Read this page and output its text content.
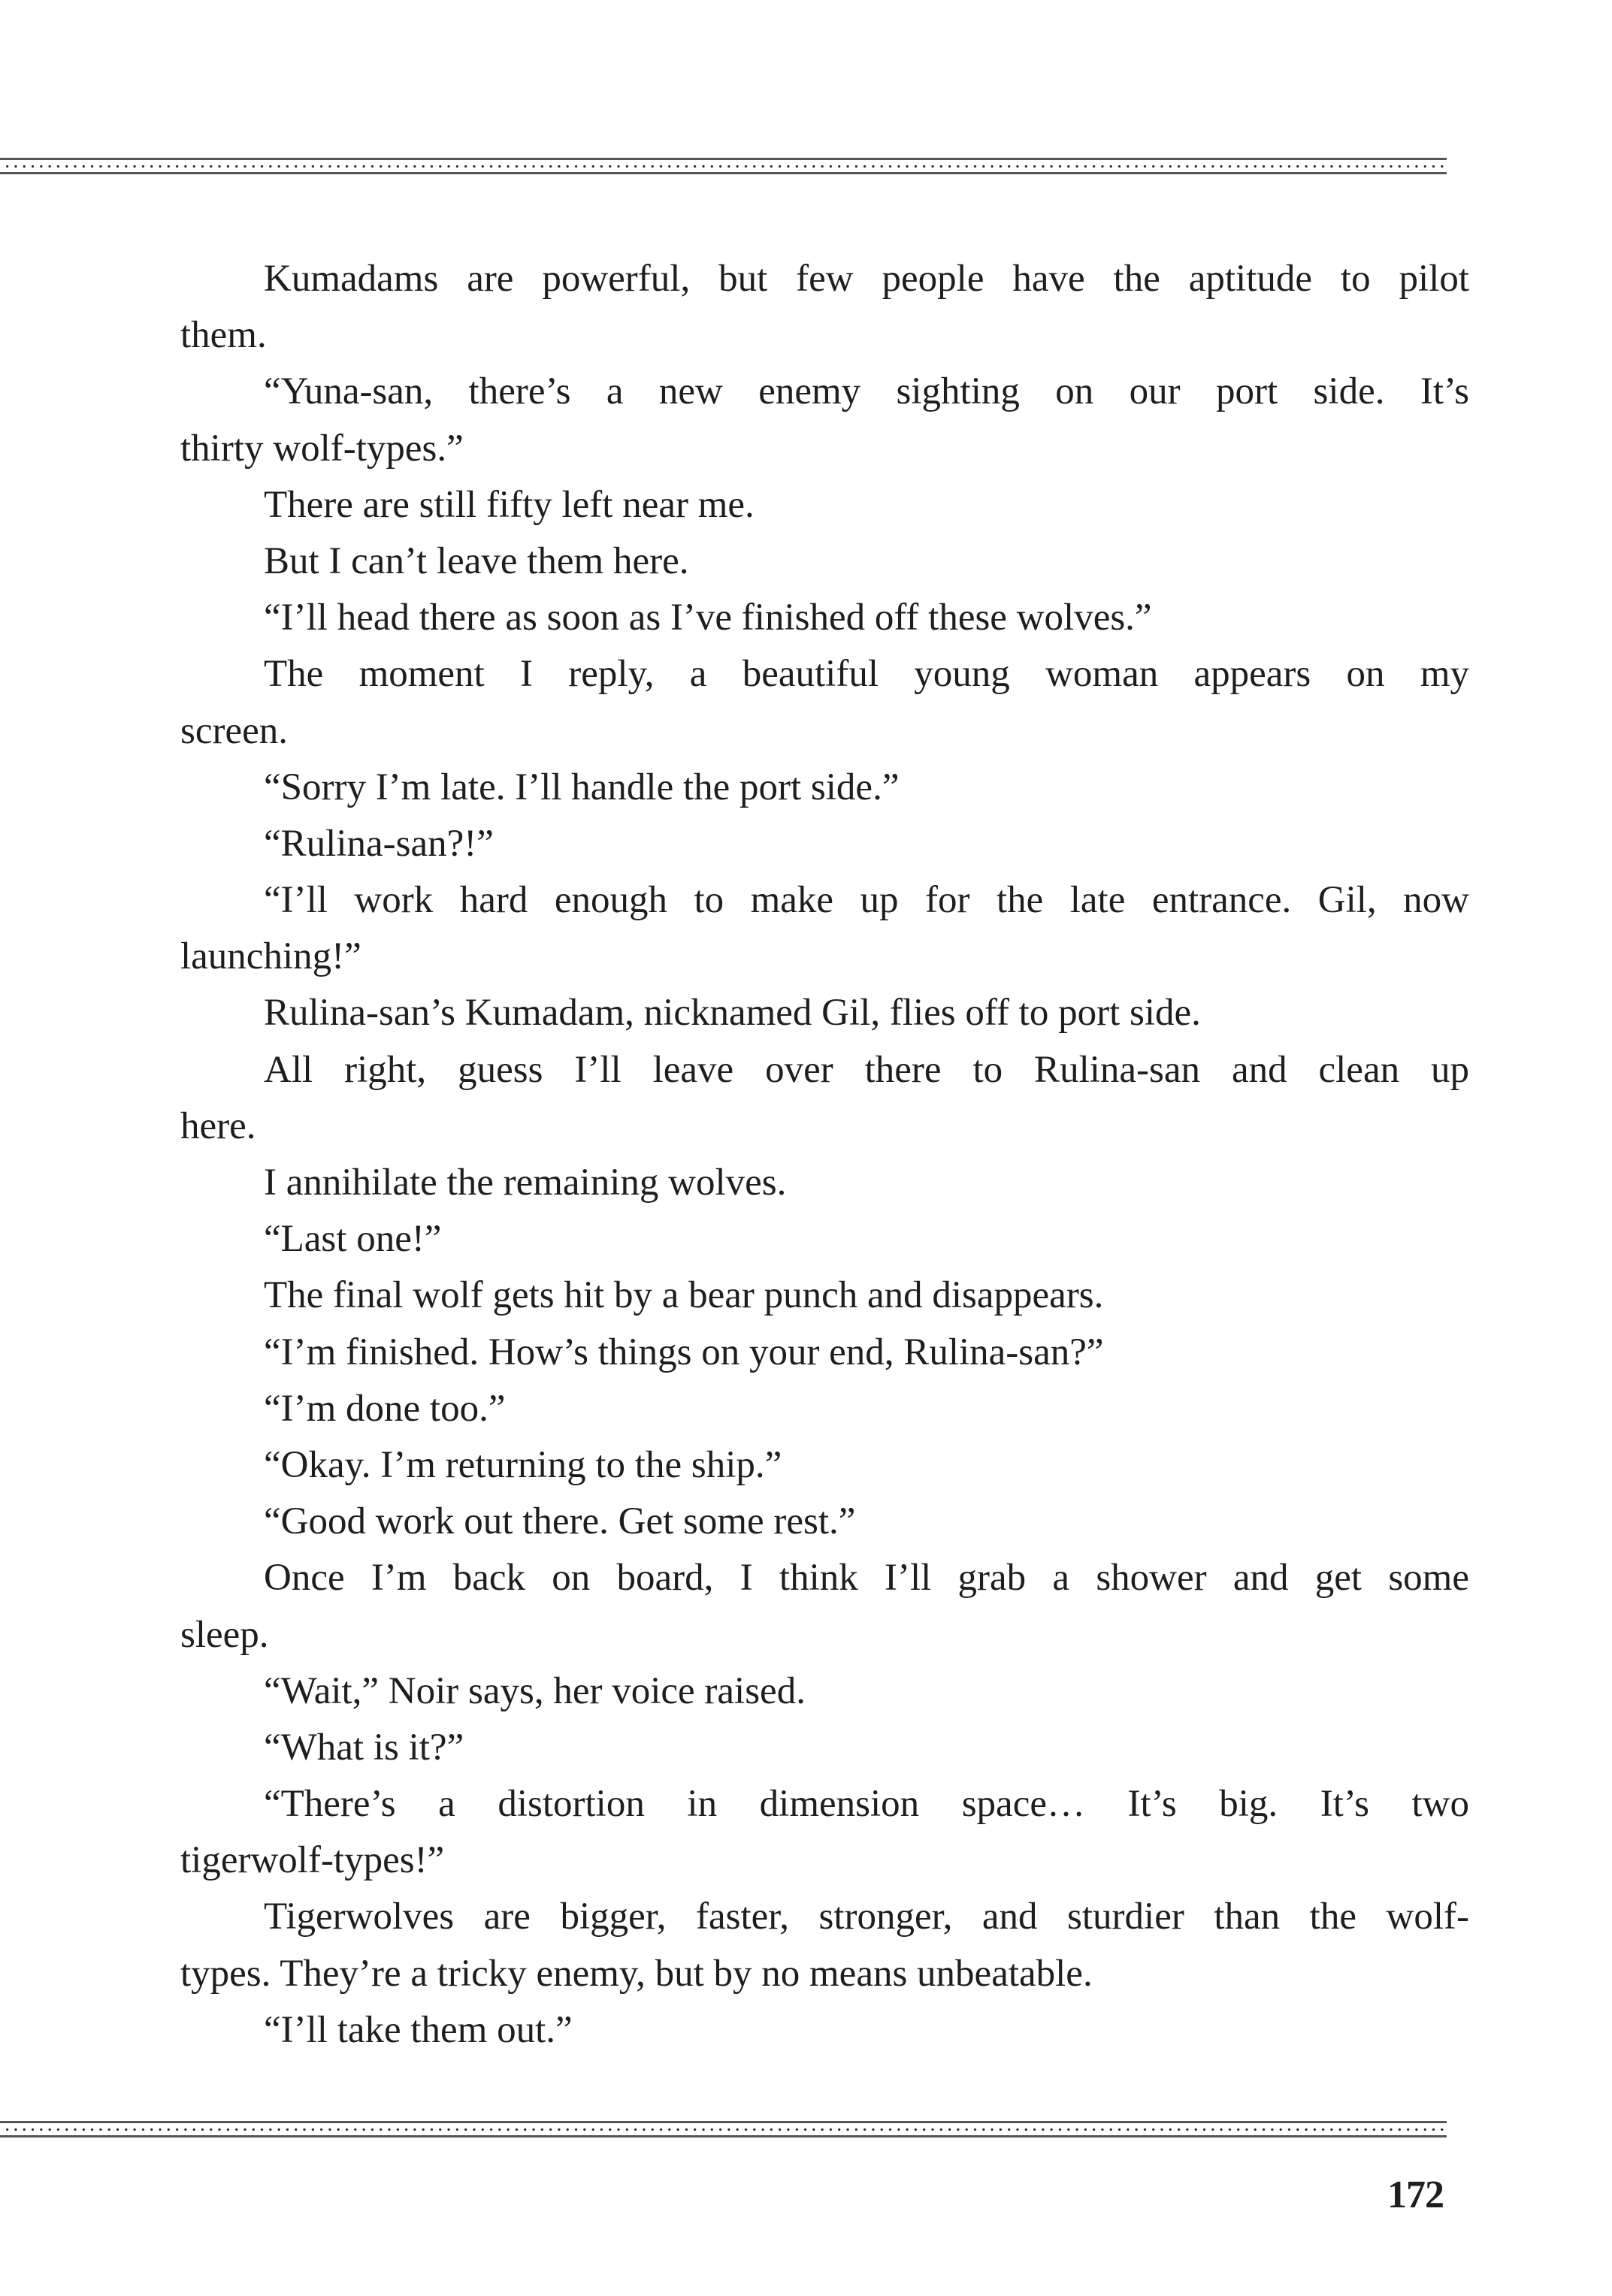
Kumadams are powerful, but few people have the aptitude to pilot
them.
“Yuna-san, there’s a new enemy sighting on our port side. It’s
thirty wolf-types.”
There are still fifty left near me.
But I can’t leave them here.
“I’ll head there as soon as I’ve finished off these wolves.”
The moment I reply, a beautiful young woman appears on my
screen.
“Sorry I’m late. I’ll handle the port side.”
“Rulina-san?!”
“I’ll work hard enough to make up for the late entrance. Gil, now
launching!”
Rulina-san’s Kumadam, nicknamed Gil, flies off to port side.
All right, guess I’ll leave over there to Rulina-san and clean up
here.
I annihilate the remaining wolves.
“Last one!”
The final wolf gets hit by a bear punch and disappears.
“I’m finished. How’s things on your end, Rulina-san?”
“I’m done too.”
“Okay. I’m returning to the ship.”
“Good work out there. Get some rest.”
Once I’m back on board, I think I’ll grab a shower and get some
sleep.
“Wait,” Noir says, her voice raised.
“What is it?”
“There’s a distortion in dimension space… It’s big. It’s two
tigerwolf-types!”
Tigerwolves are bigger, faster, stronger, and sturdier than the wolf-
types. They’re a tricky enemy, but by no means unbeatable.
“I’ll take them out.”
172
